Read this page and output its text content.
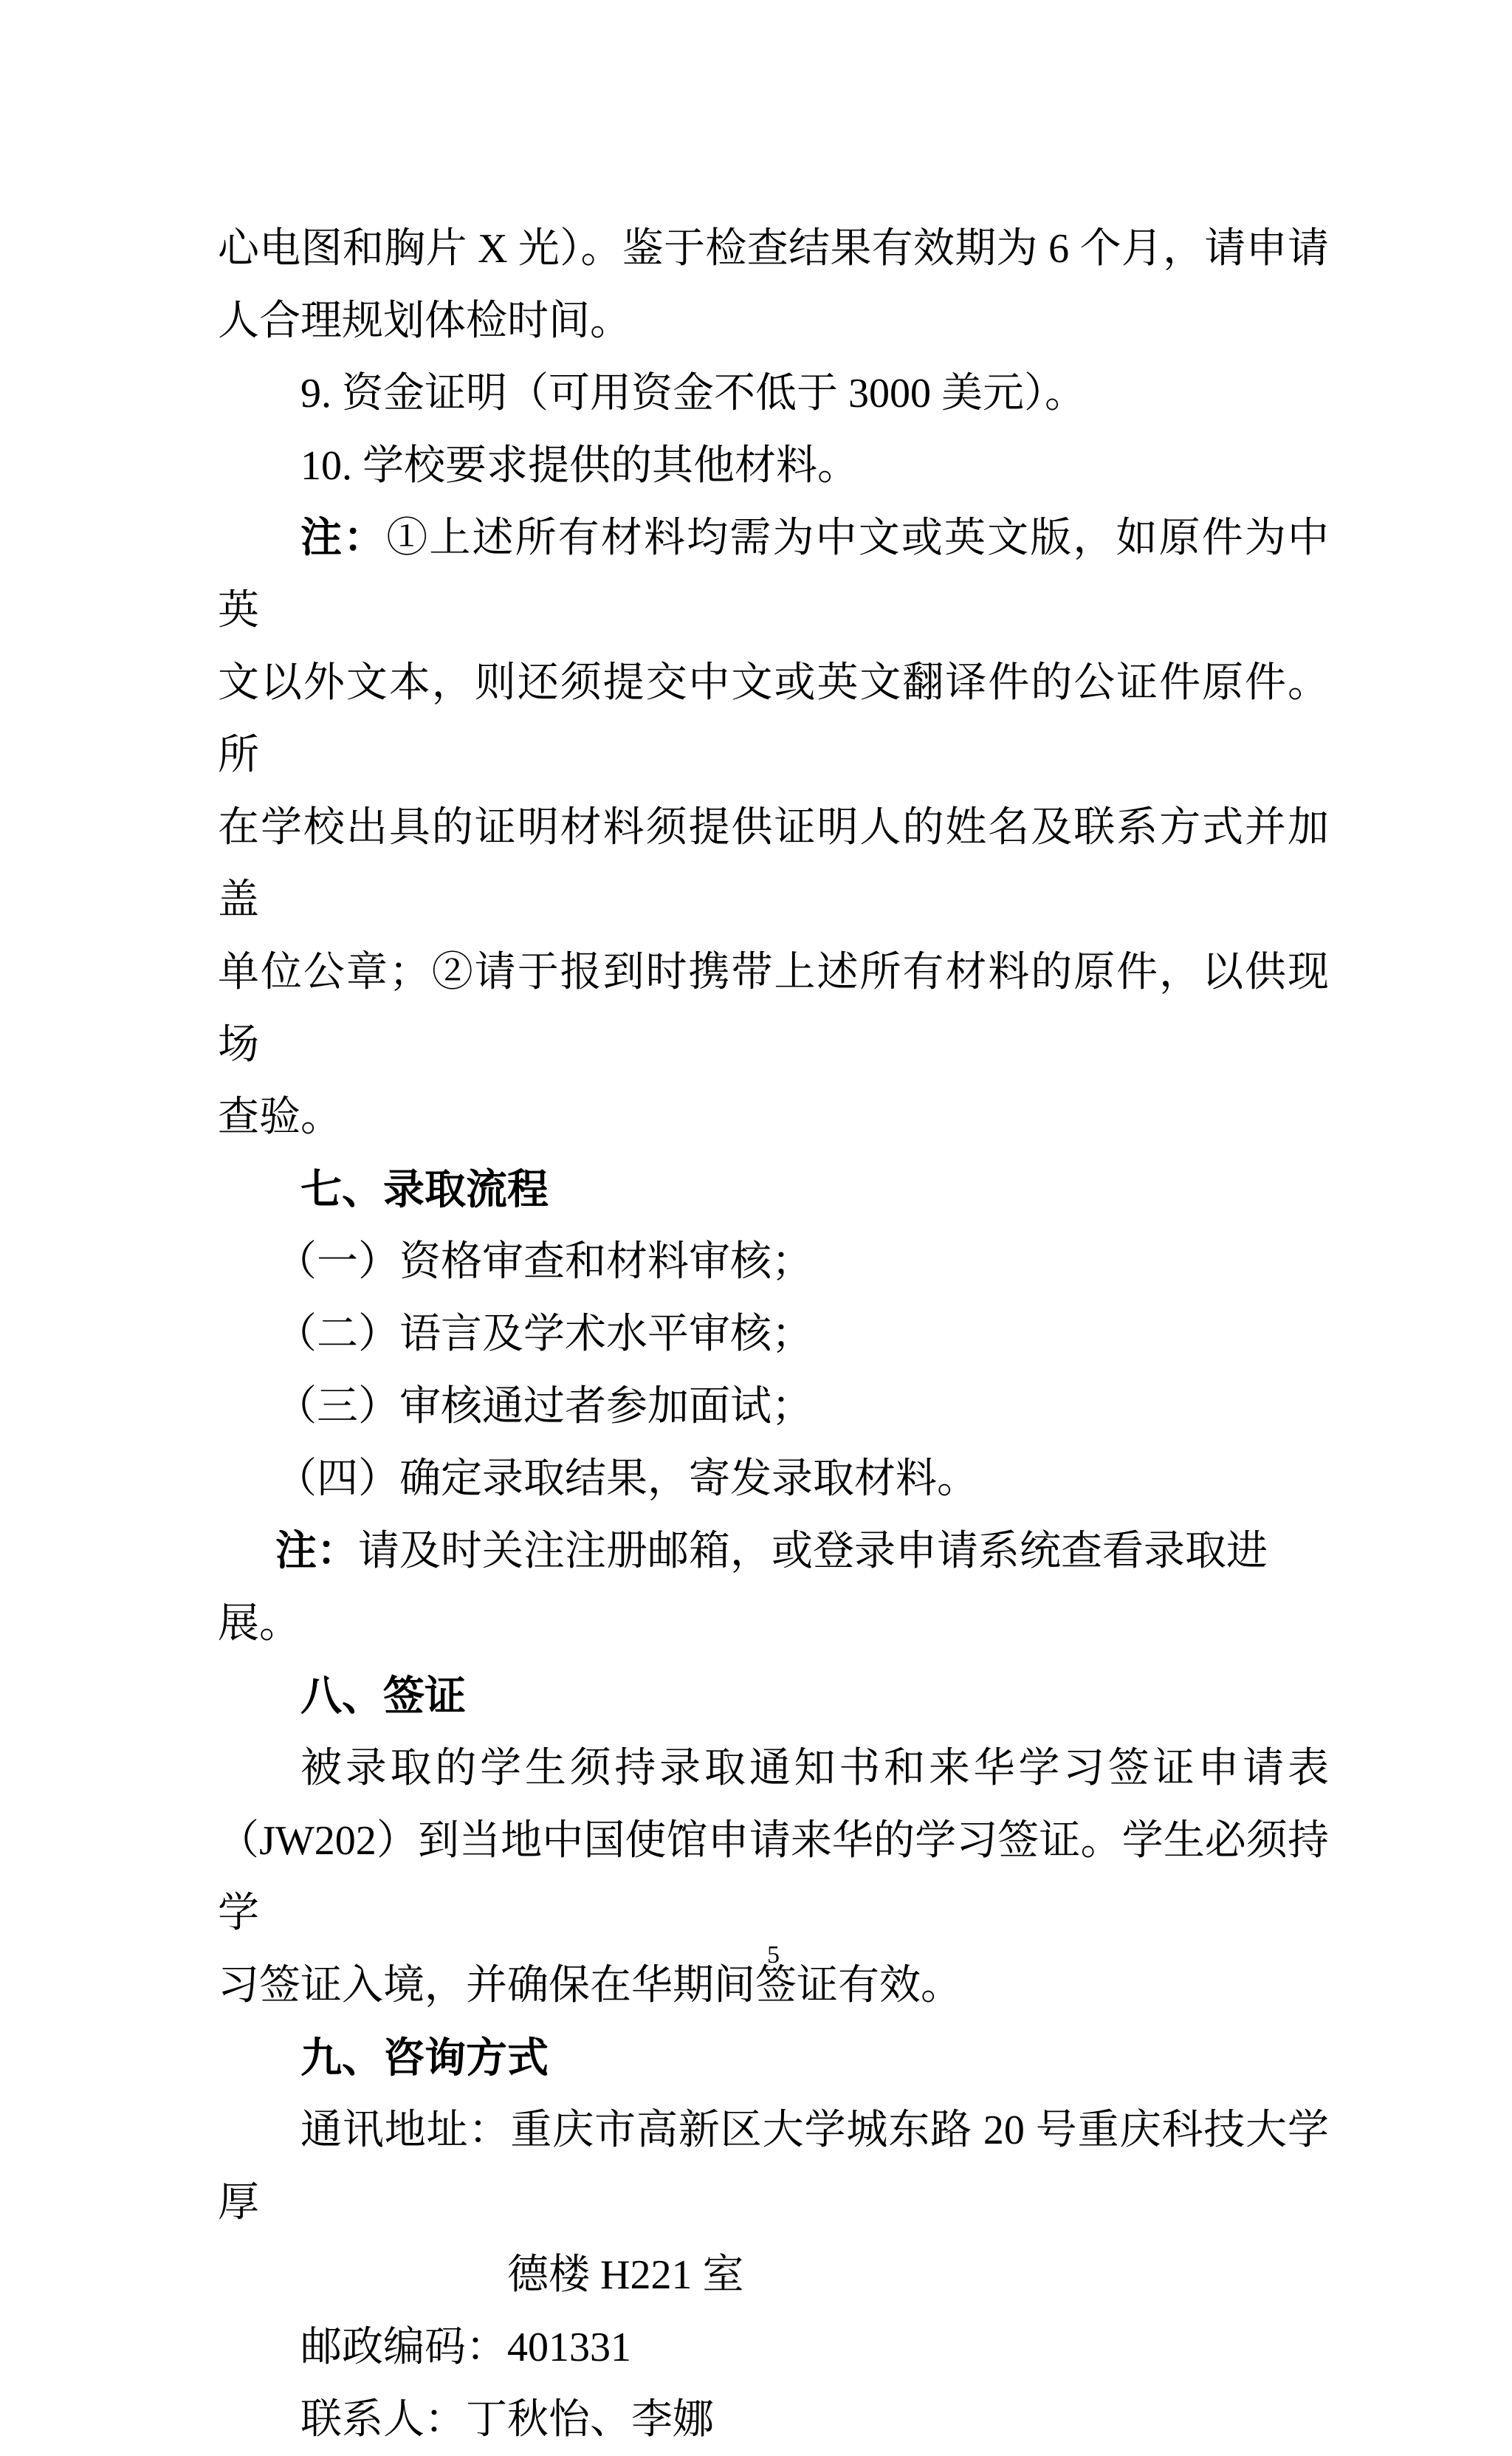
心电图和胸片 X 光）。鉴于检查结果有效期为 6 个月，请申请
人合理规划体检时间。
9. 资金证明（可用资金不低于 3000 美元）。
10. 学校要求提供的其他材料。
注：①上述所有材料均需为中文或英文版，如原件为中英
文以外文本，则还须提交中文或英文翻译件的公证件原件。所
在学校出具的证明材料须提供证明人的姓名及联系方式并加盖
单位公章；②请于报到时携带上述所有材料的原件，以供现场
查验。
七、录取流程
（一）资格审查和材料审核；
（二）语言及学术水平审核；
（三）审核通过者参加面试；
（四）确定录取结果，寄发录取材料。
注：请及时关注注册邮箱，或登录申请系统查看录取进展。
八、签证
被录取的学生须持录取通知书和来华学习签证申请表
（JW202）到当地中国使馆申请来华的学习签证。学生必须持学
习签证入境，并确保在华期间签证有效。
九、咨询方式
通讯地址：重庆市高新区大学城东路 20 号重庆科技大学厚
德楼 H221 室
邮政编码：401331
联系人：丁秋怡、李娜
5
